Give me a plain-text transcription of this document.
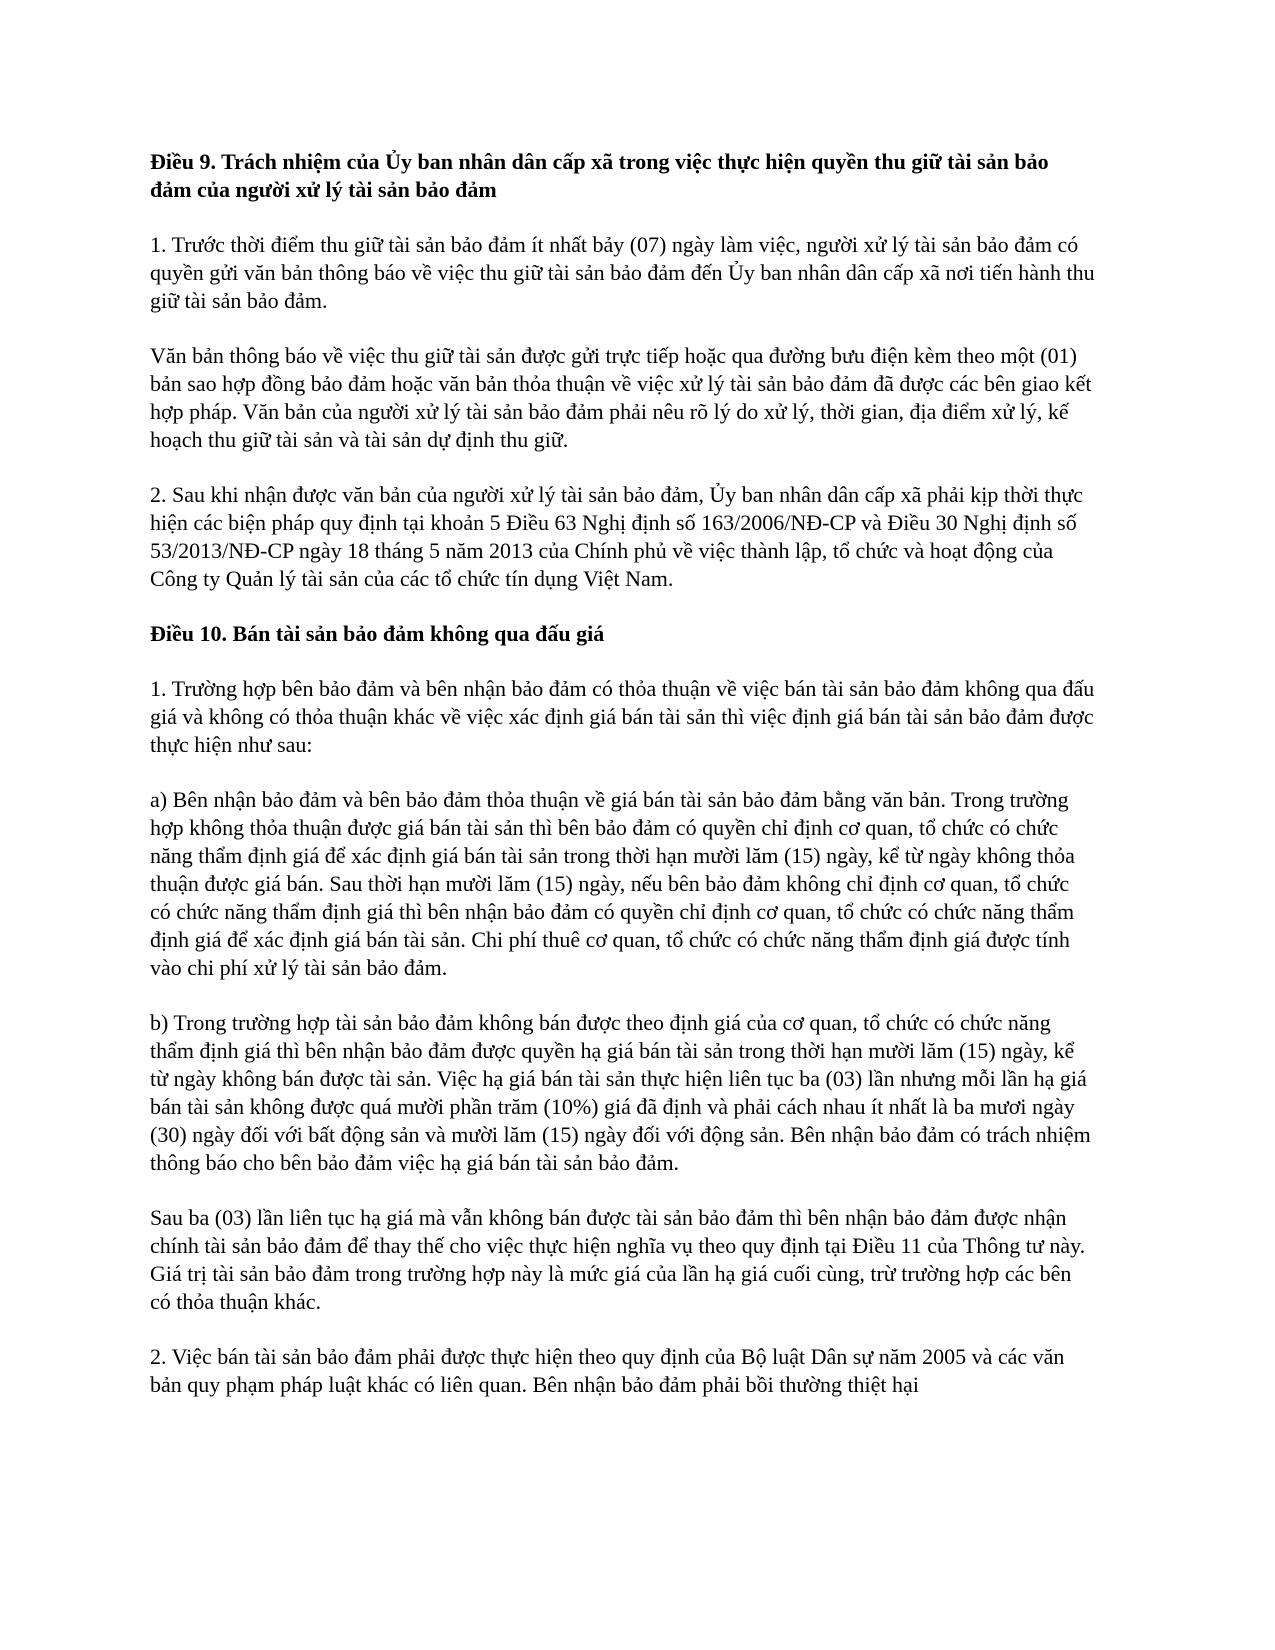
Điều 9. Trách nhiệm của Ủy ban nhân dân cấp xã trong việc thực hiện quyền thu giữ tài sản bảo đảm của người xử lý tài sản bảo đảm

1. Trước thời điểm thu giữ tài sản bảo đảm ít nhất bảy (07) ngày làm việc, người xử lý tài sản bảo đảm có quyền gửi văn bản thông báo về việc thu giữ tài sản bảo đảm đến Ủy ban nhân dân cấp xã nơi tiến hành thu giữ tài sản bảo đảm.

Văn bản thông báo về việc thu giữ tài sản được gửi trực tiếp hoặc qua đường bưu điện kèm theo một (01) bản sao hợp đồng bảo đảm hoặc văn bản thỏa thuận về việc xử lý tài sản bảo đảm đã được các bên giao kết hợp pháp. Văn bản của người xử lý tài sản bảo đảm phải nêu rõ lý do xử lý, thời gian, địa điểm xử lý, kế hoạch thu giữ tài sản và tài sản dự định thu giữ.

2. Sau khi nhận được văn bản của người xử lý tài sản bảo đảm, Ủy ban nhân dân cấp xã phải kịp thời thực hiện các biện pháp quy định tại khoản 5 Điều 63 Nghị định số 163/2006/NĐ-CP và Điều 30 Nghị định số 53/2013/NĐ-CP ngày 18 tháng 5 năm 2013 của Chính phủ về việc thành lập, tổ chức và hoạt động của Công ty Quản lý tài sản của các tổ chức tín dụng Việt Nam.

Điều 10. Bán tài sản bảo đảm không qua đấu giá

1. Trường hợp bên bảo đảm và bên nhận bảo đảm có thỏa thuận về việc bán tài sản bảo đảm không qua đấu giá và không có thỏa thuận khác về việc xác định giá bán tài sản thì việc định giá bán tài sản bảo đảm được thực hiện như sau:

a) Bên nhận bảo đảm và bên bảo đảm thỏa thuận về giá bán tài sản bảo đảm bằng văn bản. Trong trường hợp không thỏa thuận được giá bán tài sản thì bên bảo đảm có quyền chỉ định cơ quan, tổ chức có chức năng thẩm định giá để xác định giá bán tài sản trong thời hạn mười lăm (15) ngày, kể từ ngày không thỏa thuận được giá bán. Sau thời hạn mười lăm (15) ngày, nếu bên bảo đảm không chỉ định cơ quan, tổ chức có chức năng thẩm định giá thì bên nhận bảo đảm có quyền chỉ định cơ quan, tổ chức có chức năng thẩm định giá để xác định giá bán tài sản. Chi phí thuê cơ quan, tổ chức có chức năng thẩm định giá được tính vào chi phí xử lý tài sản bảo đảm.

b) Trong trường hợp tài sản bảo đảm không bán được theo định giá của cơ quan, tổ chức có chức năng thẩm định giá thì bên nhận bảo đảm được quyền hạ giá bán tài sản trong thời hạn mười lăm (15) ngày, kể từ ngày không bán được tài sản. Việc hạ giá bán tài sản thực hiện liên tục ba (03) lần nhưng mỗi lần hạ giá bán tài sản không được quá mười phần trăm (10%) giá đã định và phải cách nhau ít nhất là ba mươi ngày (30) ngày đối với bất động sản và mười lăm (15) ngày đối với động sản. Bên nhận bảo đảm có trách nhiệm thông báo cho bên bảo đảm việc hạ giá bán tài sản bảo đảm.

Sau ba (03) lần liên tục hạ giá mà vẫn không bán được tài sản bảo đảm thì bên nhận bảo đảm được nhận chính tài sản bảo đảm để thay thế cho việc thực hiện nghĩa vụ theo quy định tại Điều 11 của Thông tư này. Giá trị tài sản bảo đảm trong trường hợp này là mức giá của lần hạ giá cuối cùng, trừ trường hợp các bên có thỏa thuận khác.

2. Việc bán tài sản bảo đảm phải được thực hiện theo quy định của Bộ luật Dân sự năm 2005 và các văn bản quy phạm pháp luật khác có liên quan. Bên nhận bảo đảm phải bồi thường thiệt hại
